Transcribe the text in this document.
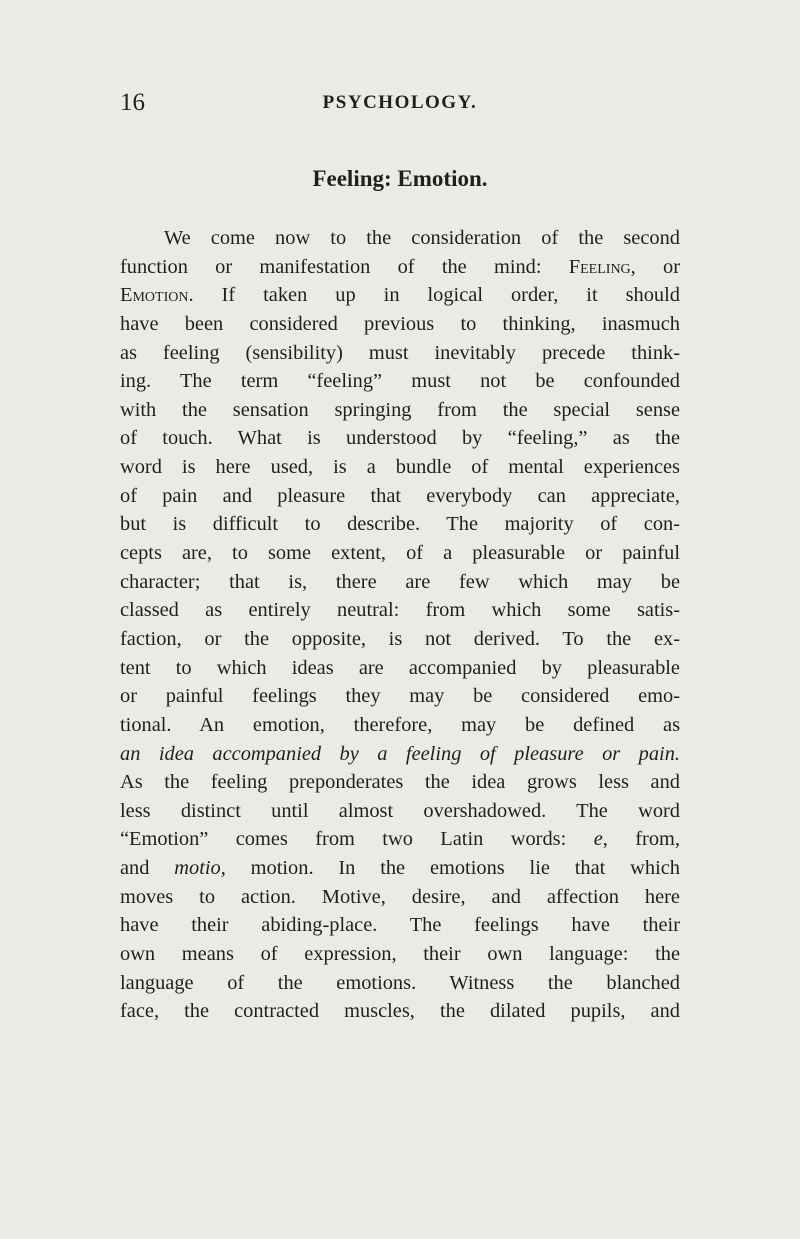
16	PSYCHOLOGY.
Feeling: Emotion.
We come now to the consideration of the second
function or manifestation of the mind: Feeling, or
Emotion. If taken up in logical order, it should
have been considered previous to thinking, inasmuch
as feeling (sensibility) must inevitably precede think-
ing. The term “feeling” must not be confounded
with the sensation springing from the special sense
of touch. What is understood by “feeling,” as the
word is here used, is a bundle of mental experiences
of pain and pleasure that everybody can appreciate,
but is difficult to describe. The majority of con-
cepts are, to some extent, of a pleasurable or painful
character; that is, there are few which may be
classed as entirely neutral: from which some satis-
faction, or the opposite, is not derived. To the ex-
tent to which ideas are accompanied by pleasurable
or painful feelings they may be considered emo-
tional. An emotion, therefore, may be defined as
an idea accompanied by a feeling of pleasure or pain.
As the feeling preponderates the idea grows less and
less distinct until almost overshadowed. The word
“Emotion” comes from two Latin words: e, from,
and motio, motion. In the emotions lie that which
moves to action. Motive, desire, and affection here
have their abiding-place. The feelings have their
own means of expression, their own language: the
language of the emotions. Witness the blanched
face, the contracted muscles, the dilated pupils, and
